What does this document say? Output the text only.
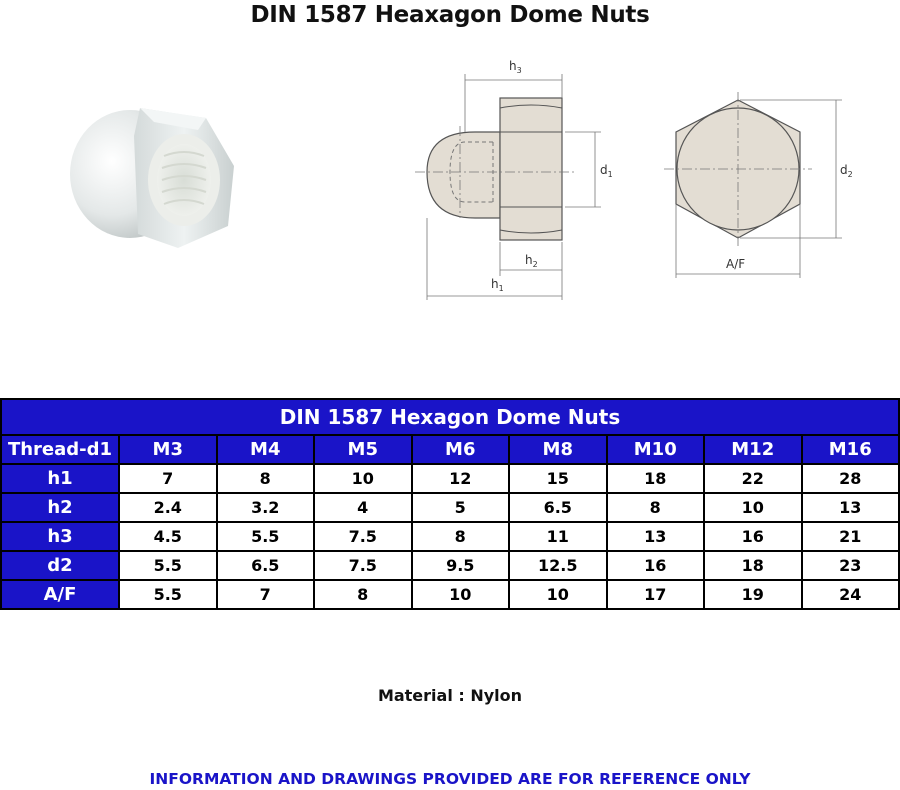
DIN 1587 Heaxagon Dome Nuts
$h_3$
$d_1$
$h_2$
$h_1$
$d_2$
A/F
DIN 1587 Hexagon Dome Nuts								
Thread-d1	M3	M4	M5	M6	M8	M10	M12	M16
h1	7	8	10	12	15	18	22	28
h2	2.4	3.2	4	5	6.5	8	10	13
h3	4.5	5.5	7.5	8	11	13	16	21
d2	5.5	6.5	7.5	9.5	12.5	16	18	23
A/F	5.5	7	8	10	10	17	19	24
Material : Nylon
INFORMATION AND DRAWINGS PROVIDED ARE FOR REFERENCE ONLY
